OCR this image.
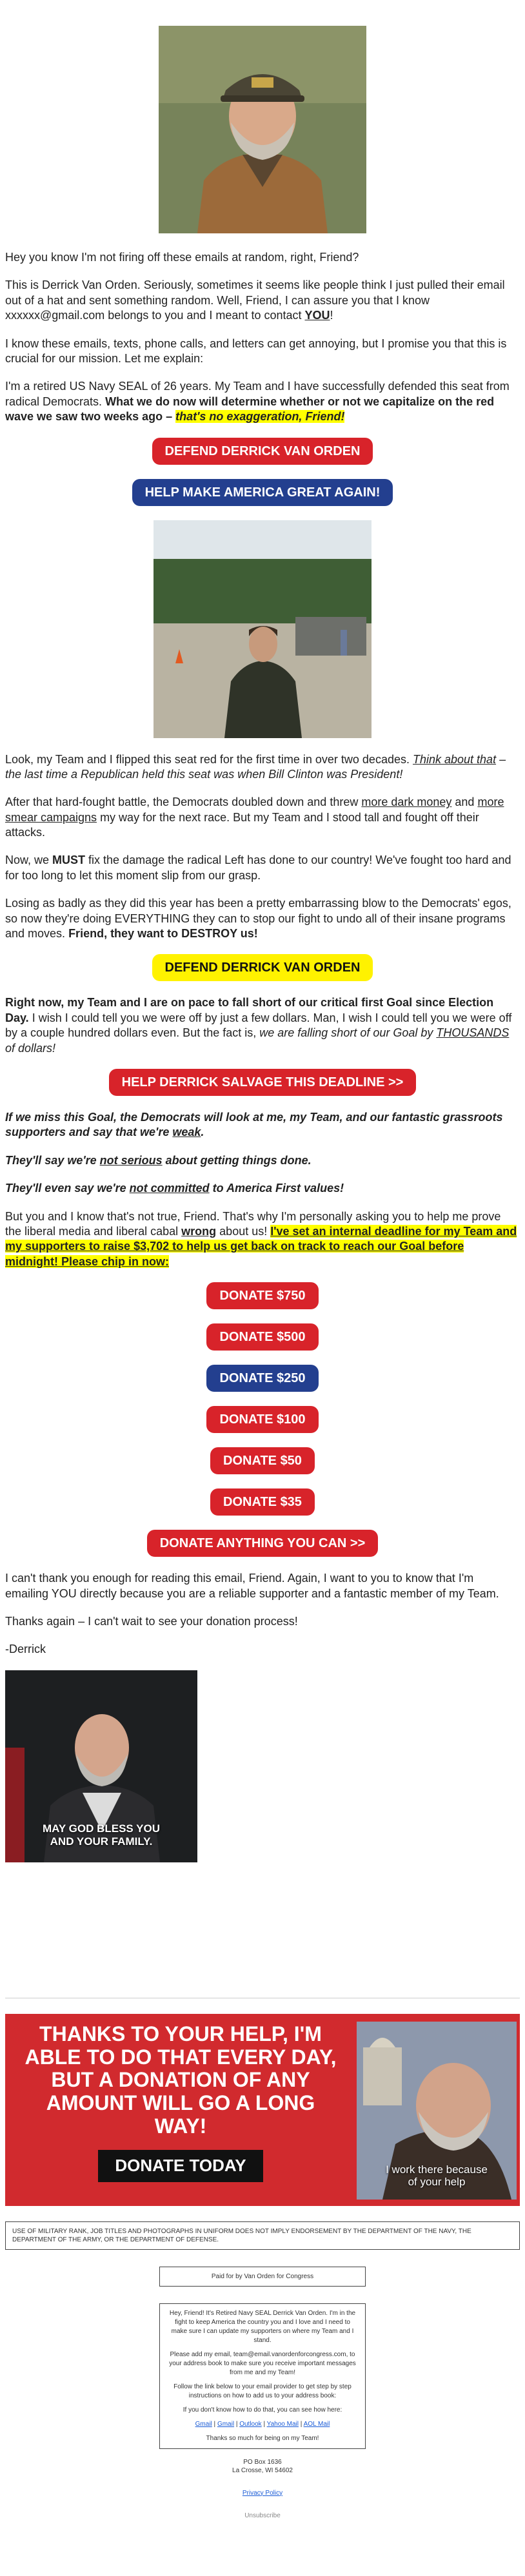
Hey you know I'm not firing off these emails at random, right, Friend?

This is Derrick Van Orden. Seriously, sometimes it seems like people think I just pulled their email out of a hat and sent something random. Well, Friend, I can assure you that I know xxxxxx@gmail.com belongs to you and I meant to contact YOU!

I know these emails, texts, phone calls, and letters can get annoying, but I promise you that this is crucial for our mission. Let me explain:

I'm a retired US Navy SEAL of 26 years. My Team and I have successfully defended this seat from radical Democrats. What we do now will determine whether or not we capitalize on the red wave we saw two weeks ago – that's no exaggeration, Friend!

DEFEND DERRICK VAN ORDEN
HELP MAKE AMERICA GREAT AGAIN!

Look, my Team and I flipped this seat red for the first time in over two decades. Think about that – the last time a Republican held this seat was when Bill Clinton was President!

After that hard-fought battle, the Democrats doubled down and threw more dark money and more smear campaigns my way for the next race. But my Team and I stood tall and fought off their attacks.

Now, we MUST fix the damage the radical Left has done to our country! We've fought too hard and for too long to let this moment slip from our grasp.

Losing as badly as they did this year has been a pretty embarrassing blow to the Democrats' egos, so now they're doing EVERYTHING they can to stop our fight to undo all of their insane programs and moves. Friend, they want to DESTROY us!

DEFEND DERRICK VAN ORDEN

Right now, my Team and I are on pace to fall short of our critical first Goal since Election Day. I wish I could tell you we were off by just a few dollars. Man, I wish I could tell you we were off by a couple hundred dollars even. But the fact is, we are falling short of our Goal by THOUSANDS of dollars!

HELP DERRICK SALVAGE THIS DEADLINE >>

If we miss this Goal, the Democrats will look at me, my Team, and our fantastic grassroots supporters and say that we're weak.

They'll say we're not serious about getting things done.

They'll even say we're not committed to America First values!

But you and I know that's not true, Friend. That's why I'm personally asking you to help me prove the liberal media and liberal cabal wrong about us! I've set an internal deadline for my Team and my supporters to raise $3,702 to help us get back on track to reach our Goal before midnight! Please chip in now:

DONATE $750
DONATE $500
DONATE $250
DONATE $100
DONATE $50
DONATE $35
DONATE ANYTHING YOU CAN >>

I can't thank you enough for reading this email, Friend. Again, I want to you to know that I'm emailing YOU directly because you are a reliable supporter and a fantastic member of my Team.

Thanks again – I can't wait to see your donation process!

-Derrick

MAY GOD BLESS YOU
AND YOUR FAMILY.
THANKS TO YOUR HELP, I'M ABLE TO DO THAT EVERY DAY, BUT A DONATION OF ANY AMOUNT WILL GO A LONG WAY!
DONATE TODAY	I work there because
of your help
USE OF MILITARY RANK, JOB TITLES AND PHOTOGRAPHS IN UNIFORM DOES NOT IMPLY ENDORSEMENT BY THE DEPARTMENT OF THE NAVY, THE DEPARTMENT OF THE ARMY, OR THE DEPARTMENT OF DEFENSE.
Paid for by Van Orden for Congress

Hey, Friend! It's Retired Navy SEAL Derrick Van Orden. I'm in the fight to keep America the country you and I love and I need to make sure I can update my supporters on where my Team and I stand.

Please add my email, team@email.vanordenforcongress.com, to your address book to make sure you receive important messages from me and my Team!

Follow the link below to your email provider to get step by step instructions on how to add us to your address book:

If you don't know how to do that, you can see how here:

Gmail | Gmail | Outlook | Yahoo Mail | AOL Mail

Thanks so much for being on my Team!

PO Box 1636
La Crosse, WI 54602
Privacy Policy
Unsubscribe
